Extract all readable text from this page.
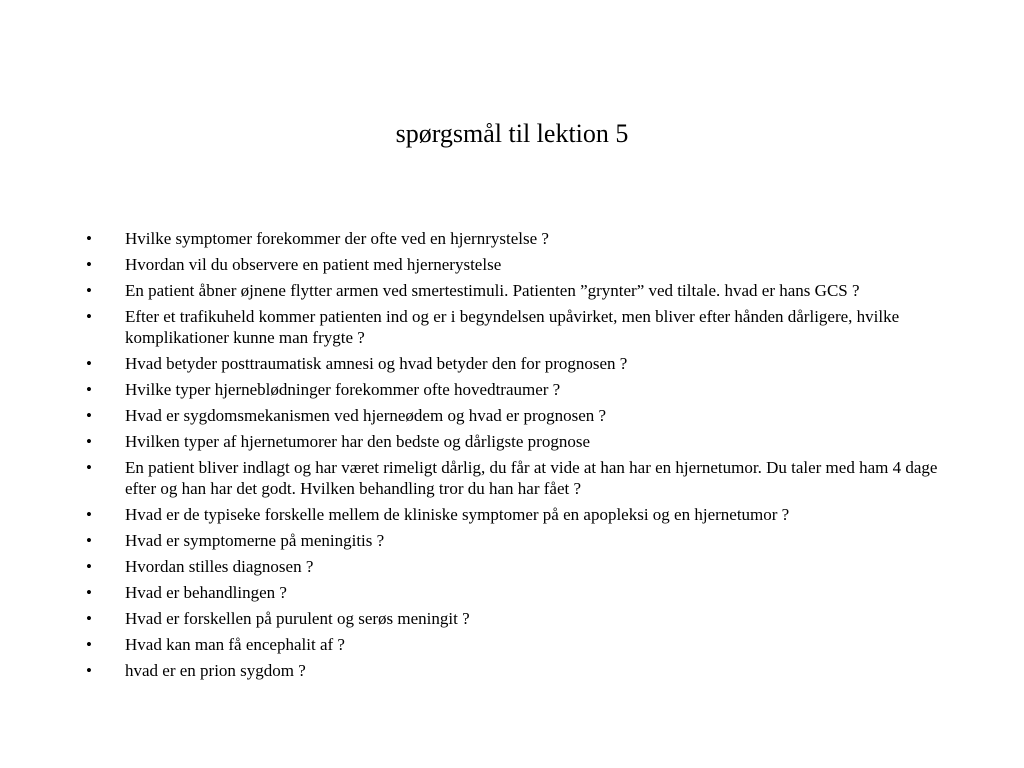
spørgsmål til lektion 5
•	Hvilke symptomer forekommer der ofte ved en hjernrystelse ?
•	Hvordan vil du observere en patient med hjernerystelse
•	En patient åbner øjnene flytter armen ved smertestimuli. Patienten ”grynter” ved tiltale. hvad er hans GCS ?
•	Efter et trafikuheld kommer patienten ind og er i begyndelsen upåvirket, men bliver efter hånden dårligere, hvilke komplikationer kunne man frygte ?
•	Hvad betyder posttraumatisk amnesi og hvad betyder den for prognosen ?
•	Hvilke typer hjerneblødninger forekommer ofte hovedtraumer ?
•	Hvad er sygdomsmekanismen ved hjerneødem og hvad er prognosen ?
•	Hvilken typer af hjernetumorer har den bedste og dårligste prognose
•	En patient bliver indlagt og har været rimeligt dårlig, du får at vide at han har en hjernetumor. Du taler med ham 4 dage efter og han har det godt. Hvilken behandling tror du han har fået ?
•	Hvad er de typiseke forskelle mellem de kliniske symptomer på en apopleksi og en hjernetumor ?
•	Hvad er symptomerne på meningitis ?
•	Hvordan stilles diagnosen ?
•	Hvad er behandlingen ?
•	Hvad er forskellen på purulent og serøs meningit ?
•	Hvad kan man få encephalit af ?
•	hvad er en prion sygdom ?
